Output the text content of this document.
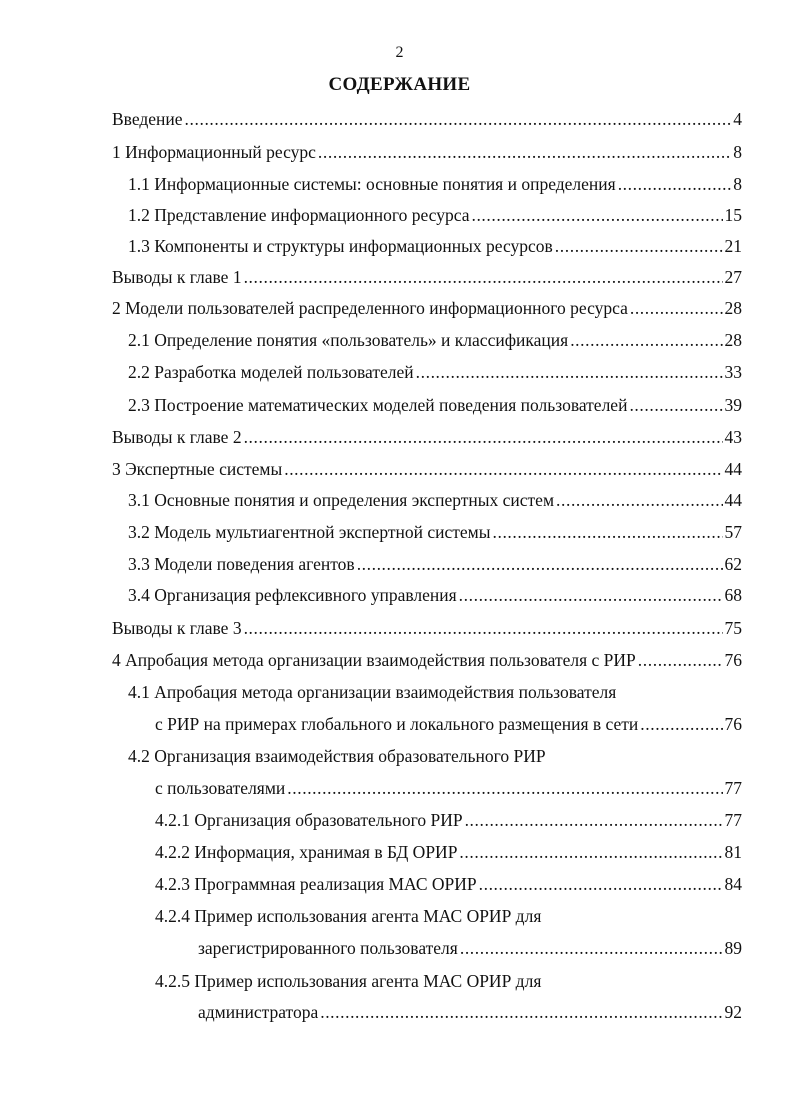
2
СОДЕРЖАНИЕ
Введение .....	4
1 Информационный ресурс .....	8
1.1 Информационные системы: основные понятия и определения .....	8
1.2 Представление информационного ресурса .....	15
1.3 Компоненты и структуры информационных ресурсов .....	21
Выводы к главе 1 .....	27
2 Модели пользователей распределенного информационного ресурса .....	28
2.1 Определение понятия «пользователь» и классификация .....	28
2.2 Разработка моделей пользователей .....	33
2.3 Построение математических моделей поведения пользователей .....	39
Выводы к главе 2 .....	43
3 Экспертные системы .....	44
3.1 Основные понятия и определения экспертных систем .....	44
3.2 Модель мультиагентной экспертной системы .....	57
3.3 Модели поведения агентов .....	62
3.4 Организация рефлексивного управления .....	68
Выводы к главе 3 .....	75
4 Апробация метода организации взаимодействия пользователя с РИР .....	76
4.1 Апробация метода организации взаимодействия пользователя
с РИР на примерах глобального и локального размещения в сети .....	76
4.2 Организация взаимодействия образовательного РИР
с пользователями .....	77
4.2.1 Организация образовательного РИР .....	77
4.2.2 Информация, хранимая в БД ОРИР .....	81
4.2.3 Программная реализация МАС ОРИР .....	84
4.2.4 Пример использования агента МАС ОРИР для
зарегистрированного пользователя .....	89
4.2.5 Пример использования агента МАС ОРИР для
администратора .....	92
